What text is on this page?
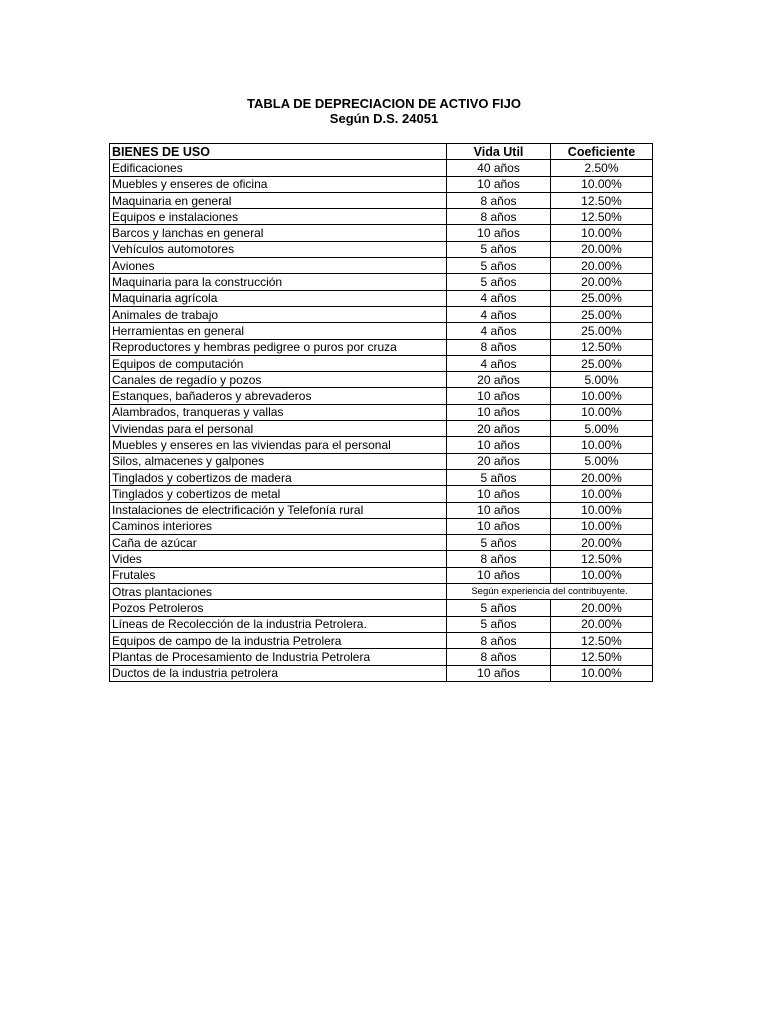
TABLA DE DEPRECIACION DE ACTIVO FIJO
Según D.S. 24051
BIENES DE USO	Vida Util	Coeficiente
Edificaciones	40 años	2.50%
Muebles y enseres de oficina	10 años	10.00%
Maquinaria en general	8 años	12.50%
Equipos e instalaciones	8 años	12.50%
Barcos y lanchas en general	10 años	10.00%
Vehículos automotores	5 años	20.00%
Aviones	5 años	20.00%
Maquinaria para la construcción	5 años	20.00%
Maquinaria agrícola	4 años	25.00%
Animales de trabajo	4 años	25.00%
Herramientas en general	4 años	25.00%
Reproductores y hembras pedigree o puros por cruza	8 años	12.50%
Equipos de computación	4 años	25.00%
Canales de regadío y pozos	20 años	5.00%
Estanques, bañaderos y abrevaderos	10 años	10.00%
Alambrados, tranqueras y vallas	10 años	10.00%
Viviendas para el personal	20 años	5.00%
Muebles y enseres en las viviendas para el personal	10 años	10.00%
Silos, almacenes y galpones	20 años	5.00%
Tinglados y cobertizos de madera	5 años	20.00%
Tinglados y cobertizos de metal	10 años	10.00%
Instalaciones de electrificación y Telefonía rural	10 años	10.00%
Caminos interiores	10 años	10.00%
Caña de azúcar	5 años	20.00%
Vides	8 años	12.50%
Frutales	10 años	10.00%
Otras plantaciones	Según experiencia del contribuyente.	
Pozos Petroleros	5 años	20.00%
Líneas de Recolección de la industria Petrolera.	5 años	20.00%
Equipos de campo de la industria Petrolera	8 años	12.50%
Plantas de Procesamiento de Industria Petrolera	8 años	12.50%
Ductos de la industria petrolera	10 años	10.00%
